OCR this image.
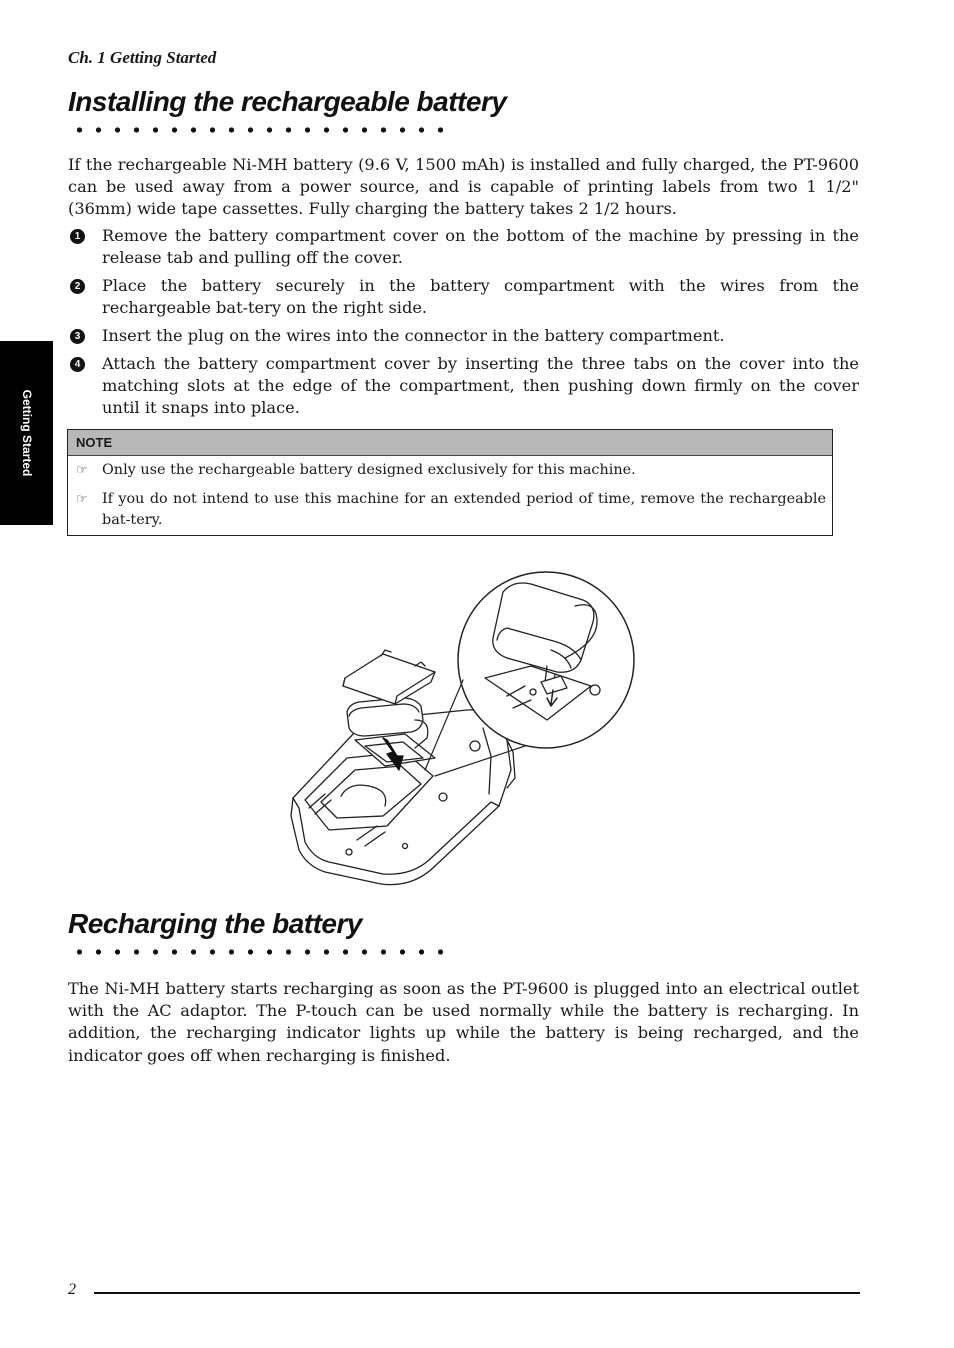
Ch. 1 Getting Started
Getting Started
Installing the rechargeable battery

If the rechargeable Ni-MH battery (9.6 V, 1500 mAh) is installed and fully charged, the PT-9600 can be used away from a power source, and is capable of printing labels from two 1 1/2" (36mm) wide tape cassettes. Fully charging the battery takes 2 1/2 hours.

1 Remove the battery compartment cover on the bottom of the machine by pressing in the release tab and pulling off the cover.
2 Place the battery securely in the battery compartment with the wires from the rechargeable bat-tery on the right side.
3 Insert the plug on the wires into the connector in the battery compartment.
4 Attach the battery compartment cover by inserting the three tabs on the cover into the matching slots at the edge of the compartment, then pushing down firmly on the cover until it snaps into place.
NOTE
☞ Only use the rechargeable battery designed exclusively for this machine.
☞ If you do not intend to use this machine for an extended period of time, remove the rechargeable bat-tery.
Recharging the battery

The Ni-MH battery starts recharging as soon as the PT-9600 is plugged into an electrical outlet with the AC adaptor. The P-touch can be used normally while the battery is recharging. In addition, the recharging indicator lights up while the battery is being recharged, and the indicator goes off when recharging is finished.

2
